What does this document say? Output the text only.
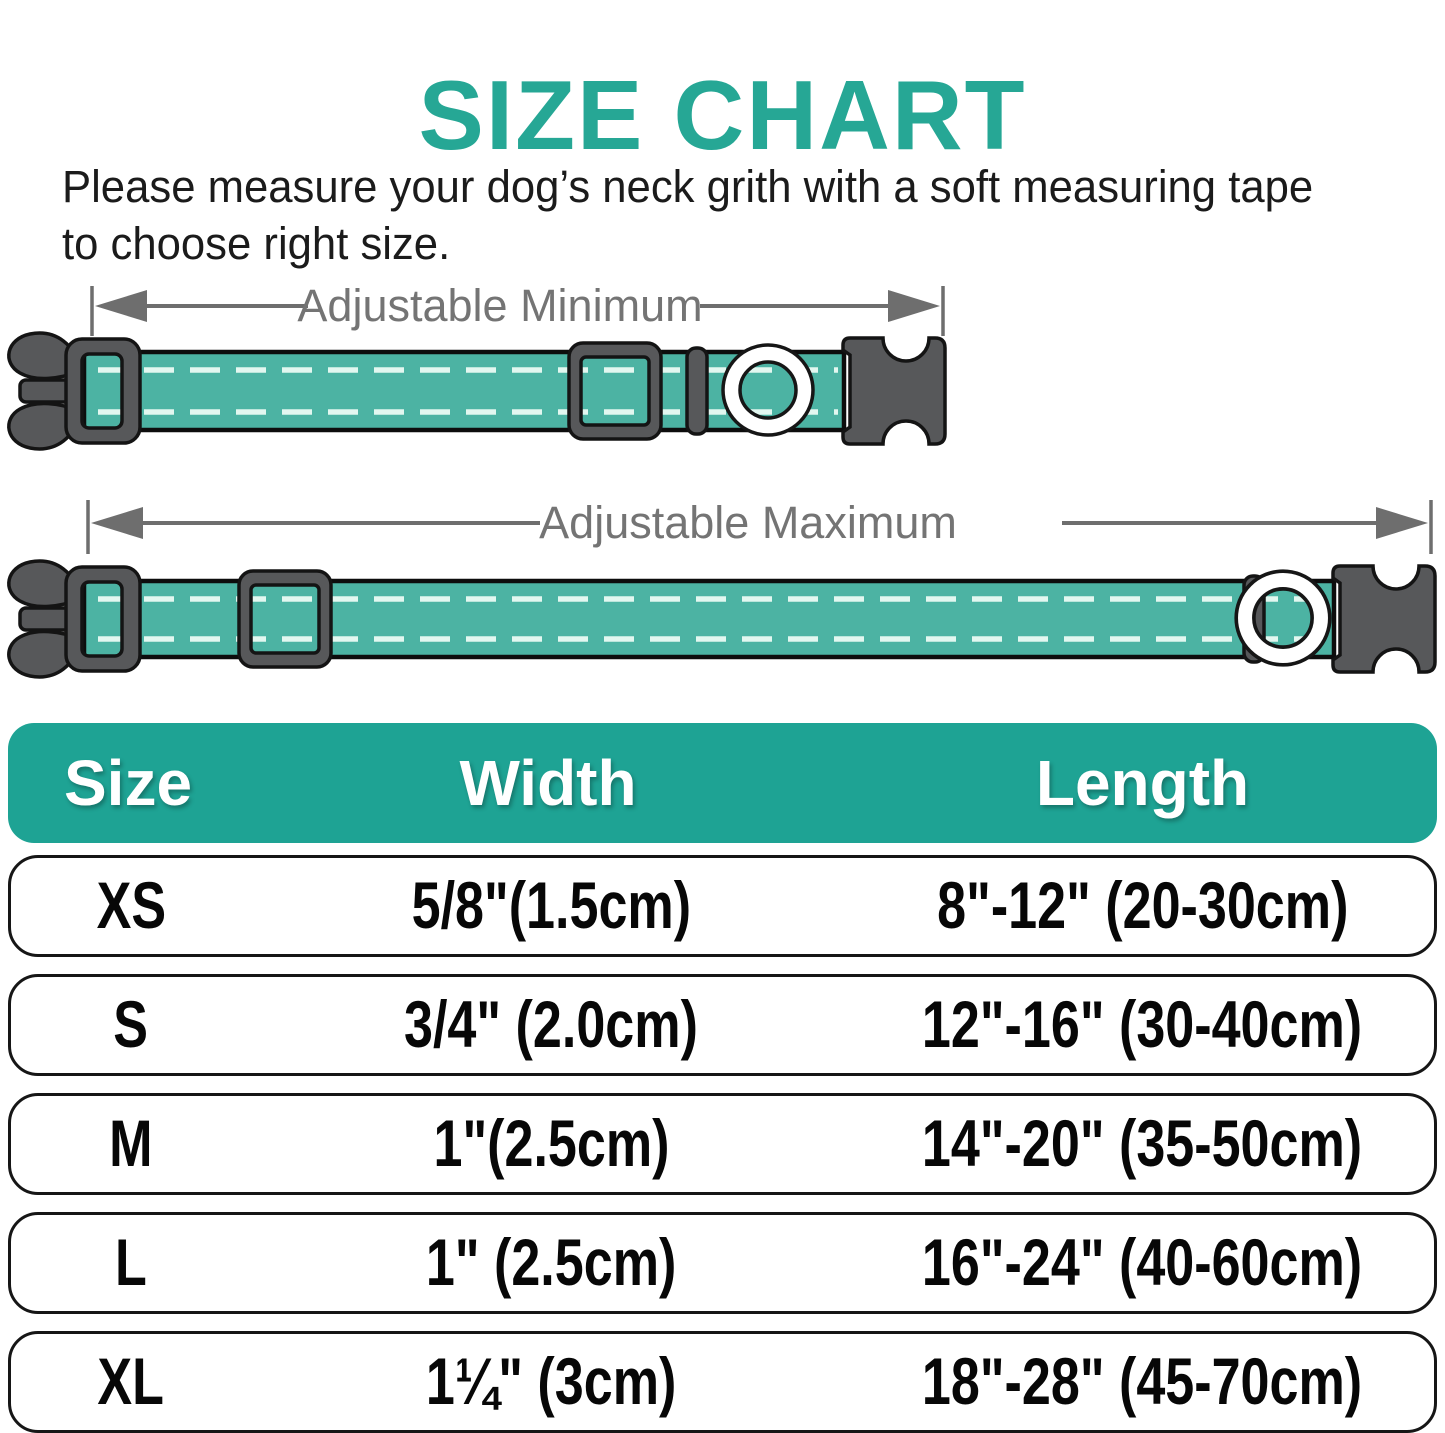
SIZE CHART

Please measure your dog’s neck grith with a soft measuring tape
to choose right size.

Adjustable Minimum
Adjustable Maximum
Size	Width	Length
XS	5/8"(1.5cm)	8"-12" (20-30cm)
S	3/4" (2.0cm)	12"-16" (30-40cm)
M	1"(2.5cm)	14"-20" (35-50cm)
L	1" (2.5cm)	16"-24" (40-60cm)
XL	1¼" (3cm)	18"-28" (45-70cm)
